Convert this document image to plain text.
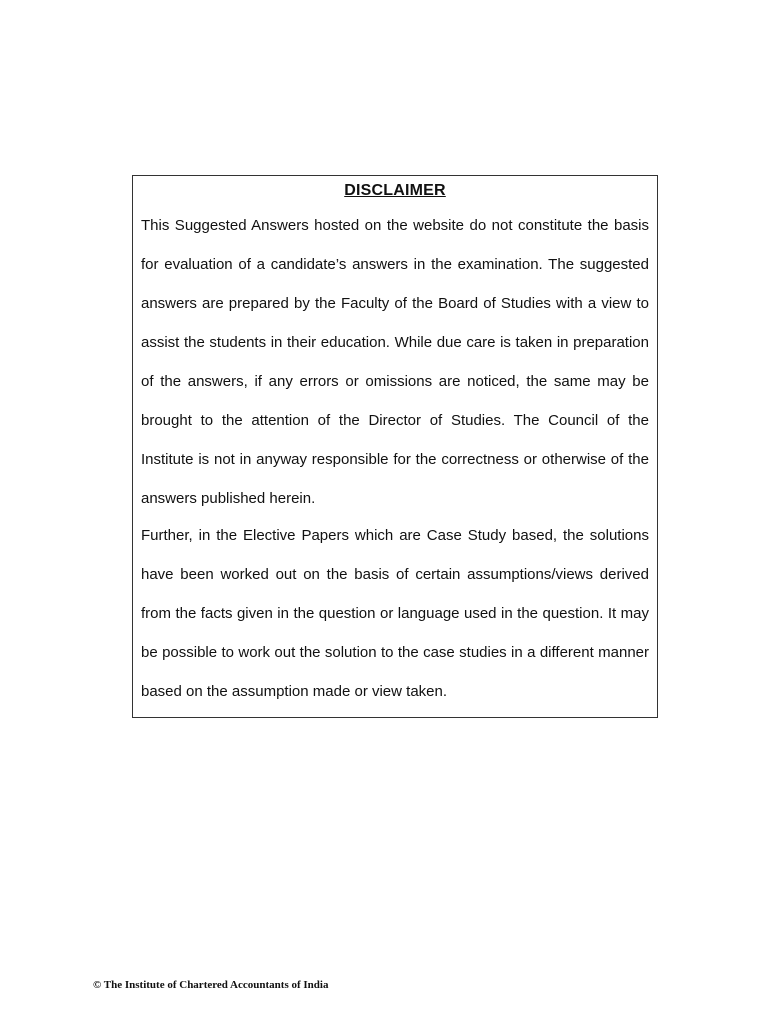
DISCLAIMER

This Suggested Answers hosted on the website do not constitute the basis for evaluation of a candidate’s answers in the examination. The suggested answers are prepared by the Faculty of the Board of Studies with a view to assist the students in their education. While due care is taken in preparation of the answers, if any errors or omissions are noticed, the same may be brought to the attention of the Director of Studies. The Council of the Institute is not in anyway responsible for the correctness or otherwise of the answers published herein.

Further, in the Elective Papers which are Case Study based, the solutions have been worked out on the basis of certain assumptions/views derived from the facts given in the question or language used in the question. It may be possible to work out the solution to the case studies in a different manner based on the assumption made or view taken.

© The Institute of Chartered Accountants of India
